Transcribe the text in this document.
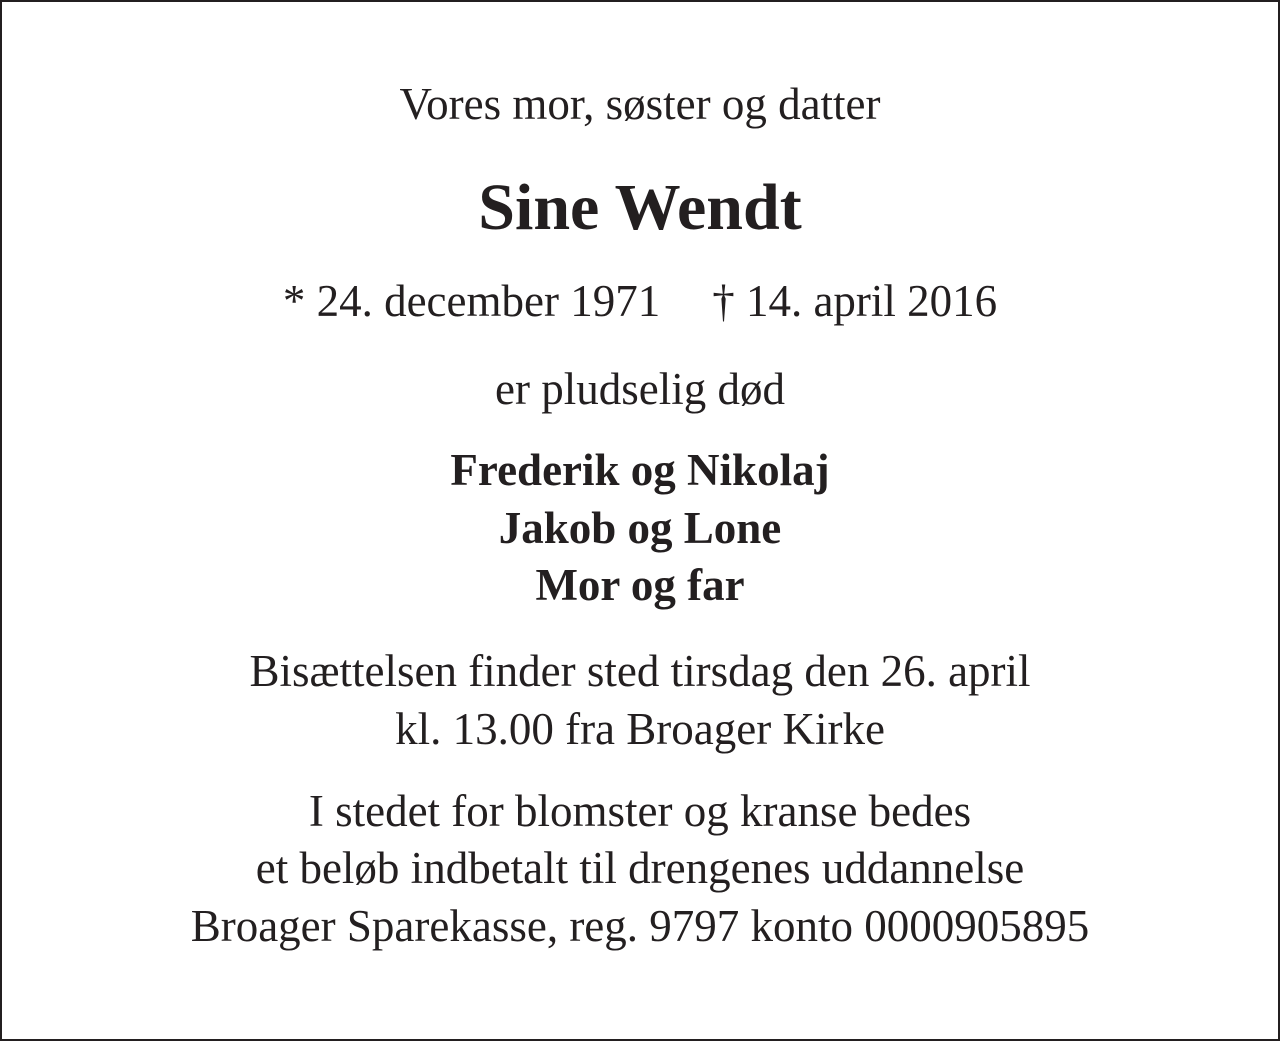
Vores mor, søster og datter
Sine Wendt
* 24. december 1971 † 14. april 2016
er pludselig død
Frederik og Nikolaj
Jakob og Lone
Mor og far
Bisættelsen finder sted tirsdag den 26. april
kl. 13.00 fra Broager Kirke
I stedet for blomster og kranse bedes
et beløb indbetalt til drengenes uddannelse
Broager Sparekasse, reg. 9797 konto 0000905895
